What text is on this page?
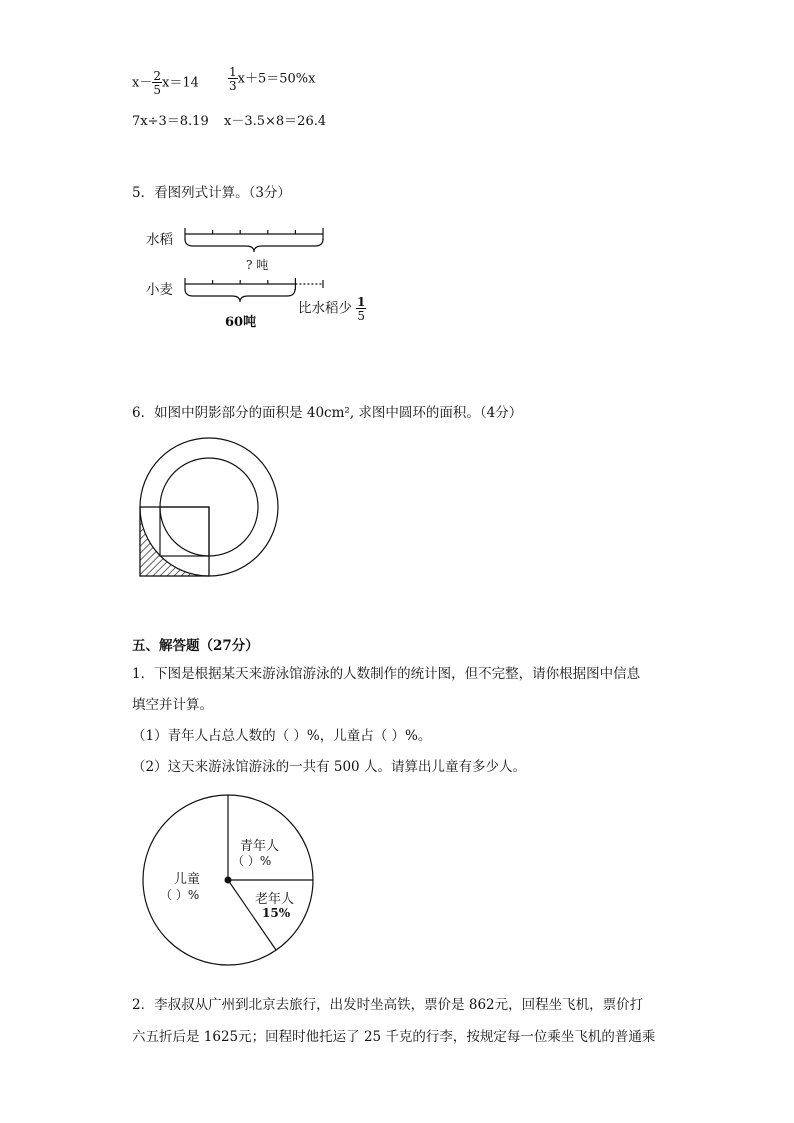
$x- \frac{2}{5} x=14 \frac{1}{3} x+5=50\%x$
7x÷3＝8.19 x－3.5×8＝26.4
5．看图列式计算。（3分）
水稻
小麦
? 吨
60吨
比水稻少 $\frac{1}{5}$
6．如图中阴影部分的面积是 40cm², 求图中圆环的面积。（4分）
五、解答题（27分）
1．下图是根据某天来游泳馆游泳的人数制作的统计图，但不完整，请你根据图中信息
填空并计算。
（1）青年人占总人数的（ ）%，儿童占（ ）%。
（2）这天来游泳馆游泳的一共有 500 人。请算出儿童有多少人。
青年人
（ ）%
儿童
（ ）%	老年人
15%
2．李叔叔从广州到北京去旅行，出发时坐高铁，票价是 862元，回程坐飞机，票价打
六五折后是 1625元；回程时他托运了 25 千克的行李，按规定每一位乘坐飞机的普通乘
